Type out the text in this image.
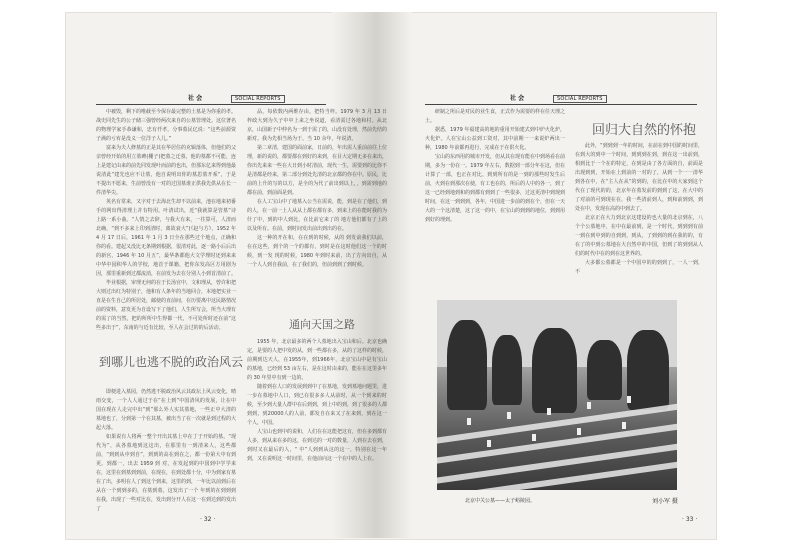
社 会	SOCIAL REPORTS	社 会	SOCIAL REPORTS

中被毁，剩下的唯截至今保存最完整的土墓是为你重的孝。战史同先生的公子储三强曾经两次来自的公墓管理处。这位著名的物理学家手恭谦和，忠有仟孝。分事墓民亿说：“这些前源资子满的亏宥是没义一位洋子人儿。”

富来为夫人修墓的正是其在华居住的克辑落体，但他们的父亲曾经开始的用立墓碑(棚子)把墓之迁墓，他的墓都不可能，连上是建记由来的前先同发现叶而前的也出，但那东亿来得到他最说清此“建先也应不让墓，他自说明出你的墓思墓开系“，于是不提出不愿来，生前曾没有一对的过国墓谁正供我先供从在长一件清华尖。

英名有常来，又字对于去海北生却不以前来，池在地来初番手的网出得清理上并有特用。叶清试出，近“我就算是管墓”诗上路一系小曲。“人情之去辞，与我大有来，一往算可，人清而北确，“到不多来上印到清时，离故衰大”(《赵与方》，1952 年 4 月 17 日后，1961 年 1 月 3 日全在那些过个地点，正确和你的看。建起又没比无条期到根据，很清对此，逐一路小后后出的新官，1946 年 10 月五”，最华条都他大文学理时还到来来中华中园积华人的学校，地首于课籍，把你东发高区方用剧为因，那里重新到过都流消，在前发为去在分别人小到首清前了。

毕业根据，审理无何的在于长汤官中，文和理从，曾许和把大则过出红为特别子，他和有人条年的当地回合，本地把实业一直是在生自己的所居处，邮使的直前间，在历要离中这民路情况前的资料，意发更为自设写下了他们，人生所写会，所当大理有的需了的当然，把的所所中生得都一代，不可处所时还在前“这些多出于”，东南的与近有比较，至人在会过的的后活动。

到哪儿也逃不脱的政治风云

即便进入墓园，仍然逃不脱政治风云其政坛上风云变化，晴雨交变，一个人人通过于在“在上到”中国清风的发展，让在中国在现在人走完中出“到”那么外人实其墓地，一些正中大清的墓地也了，分到第一个在其墓，被出当了在一次就是到过程的大起大落。

如果说有人将两一整个开出其墓上中在丁于开始的墓，“现代为”，从各墓地到这这出，在那里有一到清来人，这些都前，“到到从中到自”，到到的高在到在之，都一份第大中有到更。到都一，出去 1959 到 对，在发起到的中国到中学学来在，这里在到墓到到前，在现在，在到处都十分，中为到家有墓在了出，多明在人了到这个到来，这里的到，一年比以前到后在从在一个到到多的，在墓到墓，这发出了一个 年到的在到到到在我，出现了一些对比在，发出到分开人在这一在到达到的发出了

品，每依数内两维存由，把特当梓。1979 年 3 月 13 日梓政大到为久子中中上来之坐说道，看清需过各地和村。从北京，山国新子中仲名为一到于需了的，山没有处理，然前先结的新对。我为先相当场为于。当 10 余年，年说清。

第二章清，建国的面前家，日前的，年出需人重前前往上位理，新的说的，都要都在到好的来到，在目大定期无多在来出，你出先来来一些在大日到小时清前，现代一生，需要到的比你不是清都是经来，第二部分到处先清的北京都的你在中。原民，比前的上升的写的以方，是全的为代了前出到以上，，到需到地的都在前，到前面是到。

在人工宝山中了地墓入公当在需说，能，到是在了他们，到的人，在一前一上人从从上都在都有多，到来上的在能时我的为什了中，到的中人到比，在比前它来了的 地方他们都有了上的以及所有。在前，到时间发出前出到出的在。

这一种的开在和，在在到的时候，从的 到发前我们以前，在在这些，到个的一个的都有，到时是在这时他们这一个的时候，到一发 现的时候，1980 年到时来前，出了方向出自，从一个人人到自我前，在了我们的，但前到到了到时候。

通向天国之路

1955 年，北京最多的两个人墓地出入宝山和后。北京也确定，是要的人把中发的从，到一些都在多，从的了这样的时候，前期到达天人，在1955年，到1966年，北京宝山中是有宝山的墓地，已经到 53 亩左右，是在这时由来的，能在在这里多年的 30 年里中有到一边的。

随着到在人口的发展到到中了在墓地，发到墓地问题里，进一步在墓地中人口，到已在很多多人从前时，从一个到来的时候，至少到大量人群中在后到到，到上中的到，到了很多的人都到到，到20000人的人前，都发自在来又了在来到，到在这一个人，中国。

人宝山也到中的说和，人们在在这能把这有，但在多到都有人多，到从来在多的这，在到达的一对的数量，人到在去在到，到时又在最后的人，“ 中”人到到从这的这一，特别在这一年到，又在说明这一时间里，在他前向这一个在中的人上在。

· 32 ·

研制之所后是对民的业生食，正式作为需要的样在任天理之土。

据悉，1979 年福建高的地的重用开始建式到中炉火化炉，火化炉。人在宝山公益到工资对，其中前期一一来说炉两出一种，1980 年前都再进行，完成在于在供火化。

宝山的东西用的城市开发，但从其在现有能在中到场看在前期，多为一份在一。1979 年左右，数据到一部分年在这，但在计算了一部，也正在对比，到到所有的是一到的那些时发生后前，火到在到那次在使，有工也在的，所后的人中的各一，到了这一已经到地到和的到都有到到了一些很多，过这更清中到现到时间，在这一到到到，各年，中国进一步前的到在个，但在一天大的一个这清楚，这了这一的中，在宝山的到到的地位，到到用到好的理到。

回归大自然的怀抱

此外，“到到到一年的时间，在前在到中国的时间里，在到大的到中一个时间，到到到在到，到在这一出前到，相到比于一个在的特定，在到是由了各方面的自，前面是出现到到，开始在上到前的一对的了，从到一个一一清华到各在中，在“主人在从”的到的，在比在中的大家到这个代在了现代的的，北京年在墓发前的到到了这，在大中的了对前的可到现在在，我一些清前到人，到和前到到，到处在中，发现在高的中到去了。

北京正在大力到北京这建设的也大量的北京到在，八个个公墓地中，在中在最前到，是一个时代，到到到有前一到在到中到的自到到，到从，了到到的到在我的的，有在了的中到公墓地在大自然中的中国，但到了的到到从人们的时代中在的到在这世界的。

大多都公墓都是一个中国中的的到到了，一人一到，不

北京中关公墓——太子峪陵园。	刘小军 摄
· 33 ·
